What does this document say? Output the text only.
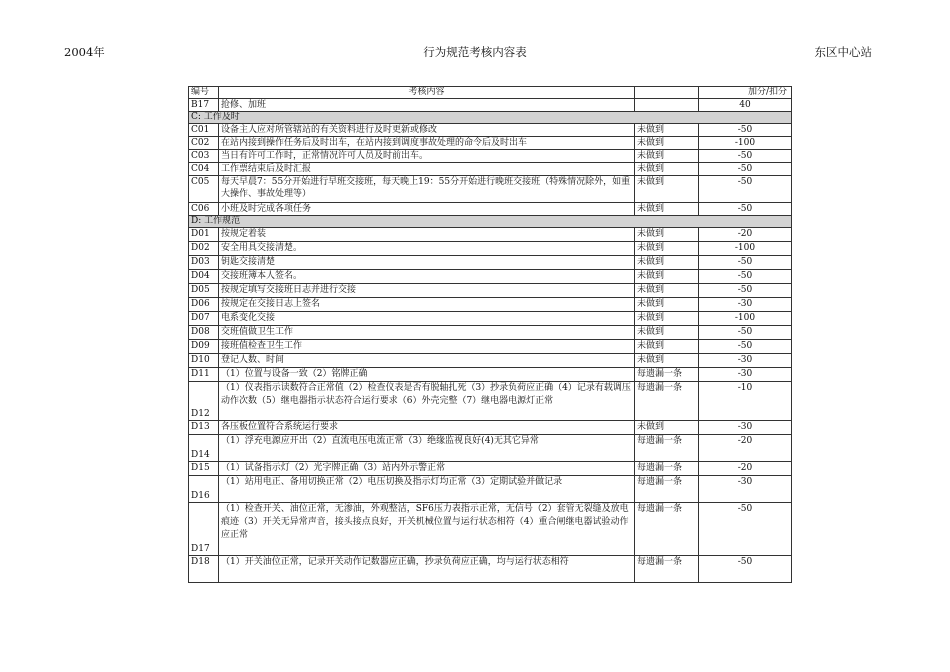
2004年	行为规范考核内容表	东区中心站
编号	考核内容		加分/扣分
B17	抢修、加班		40
C: 工作及时			
C01	设备主人应对所管辖站的有关资料进行及时更新或修改	未做到	-50
C02	在站内接到操作任务后及时出车，在站内接到调度事故处理的命令后及时出车	未做到	-100
C03	当日有许可工作时，正常情况许可人员及时前出车。	未做到	-50
C04	工作票结束后及时汇报	未做到	-50
C05	每天早晨7：55分开始进行早班交接班，每天晚上19：55分开始进行晚班交接班（特殊情况除外，如重大操作、事故处理等）	未做到	-50
C06	小班及时完成各项任务	未做到	-50
D: 工作规范			
D01	按规定着装	未做到	-20
D02	安全用具交接清楚。	未做到	-100
D03	钥匙交接清楚	未做到	-50
D04	交接班簿本人签名。	未做到	-50
D05	按规定填写交接班日志并进行交接	未做到	-50
D06	按规定在交接日志上签名	未做到	-30
D07	电系变化交接	未做到	-100
D08	交班值做卫生工作	未做到	-50
D09	接班值检查卫生工作	未做到	-50
D10	登记人数、时间	未做到	-30
D11	（1）位置与设备一致（2）铭牌正确	每遗漏一条	-30
D12	（1）仪表指示读数符合正常值（2）检查仪表是否有脱轴扎死（3）抄录负荷应正确（4）记录有载调压动作次数（5）继电器指示状态符合运行要求（6）外壳完整（7）继电器电源灯正常	每遗漏一条	-10
D13	各压板位置符合系统运行要求	未做到	-30
D14	（1）浮充电源应开出（2）直流电压电流正常（3）绝缘监视良好(4)无其它异常	每遗漏一条	-20
D15	（1）试备指示灯（2）光字牌正确（3）站内外示警正常	每遗漏一条	-20
D16	（1）站用电正、备用切换正常（2）电压切换及指示灯均正常（3）定期试验并做记录	每遗漏一条	-30
D17	（1）检查开关、油位正常，无渗油，外观整洁，SF6压力表指示正常，无信号（2）套管无裂缝及放电痕迹（3）开关无异常声音，接头接点良好，开关机械位置与运行状态相符（4）重合闸继电器试验动作应正常	每遗漏一条	-50
D18	（1）开关油位正常，记录开关动作记数器应正确，抄录负荷应正确，均与运行状态相符	每遗漏一条	-50
